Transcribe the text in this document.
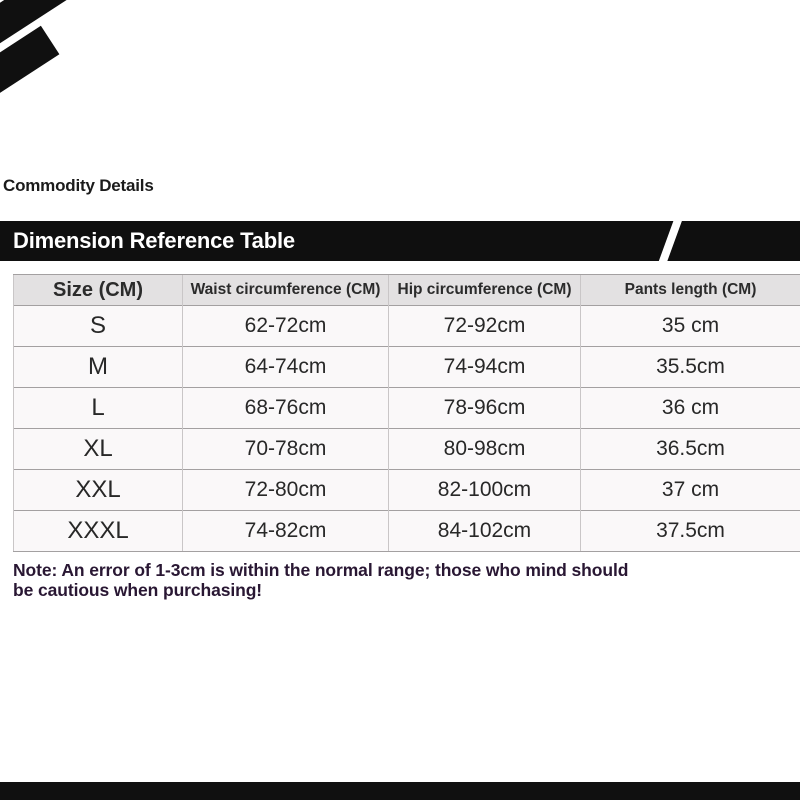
Commodity Details
Dimension Reference Table
Size (CM)	Waist circumference (CM)	Hip circumference (CM)	Pants length (CM)
S	62-72cm	72-92cm	35 cm
M	64-74cm	74-94cm	35.5cm
L	68-76cm	78-96cm	36 cm
XL	70-78cm	80-98cm	36.5cm
XXL	72-80cm	82-100cm	37 cm
XXXL	74-82cm	84-102cm	37.5cm
Note: An error of 1-3cm is within the normal range; those who mind should
be cautious when purchasing!
